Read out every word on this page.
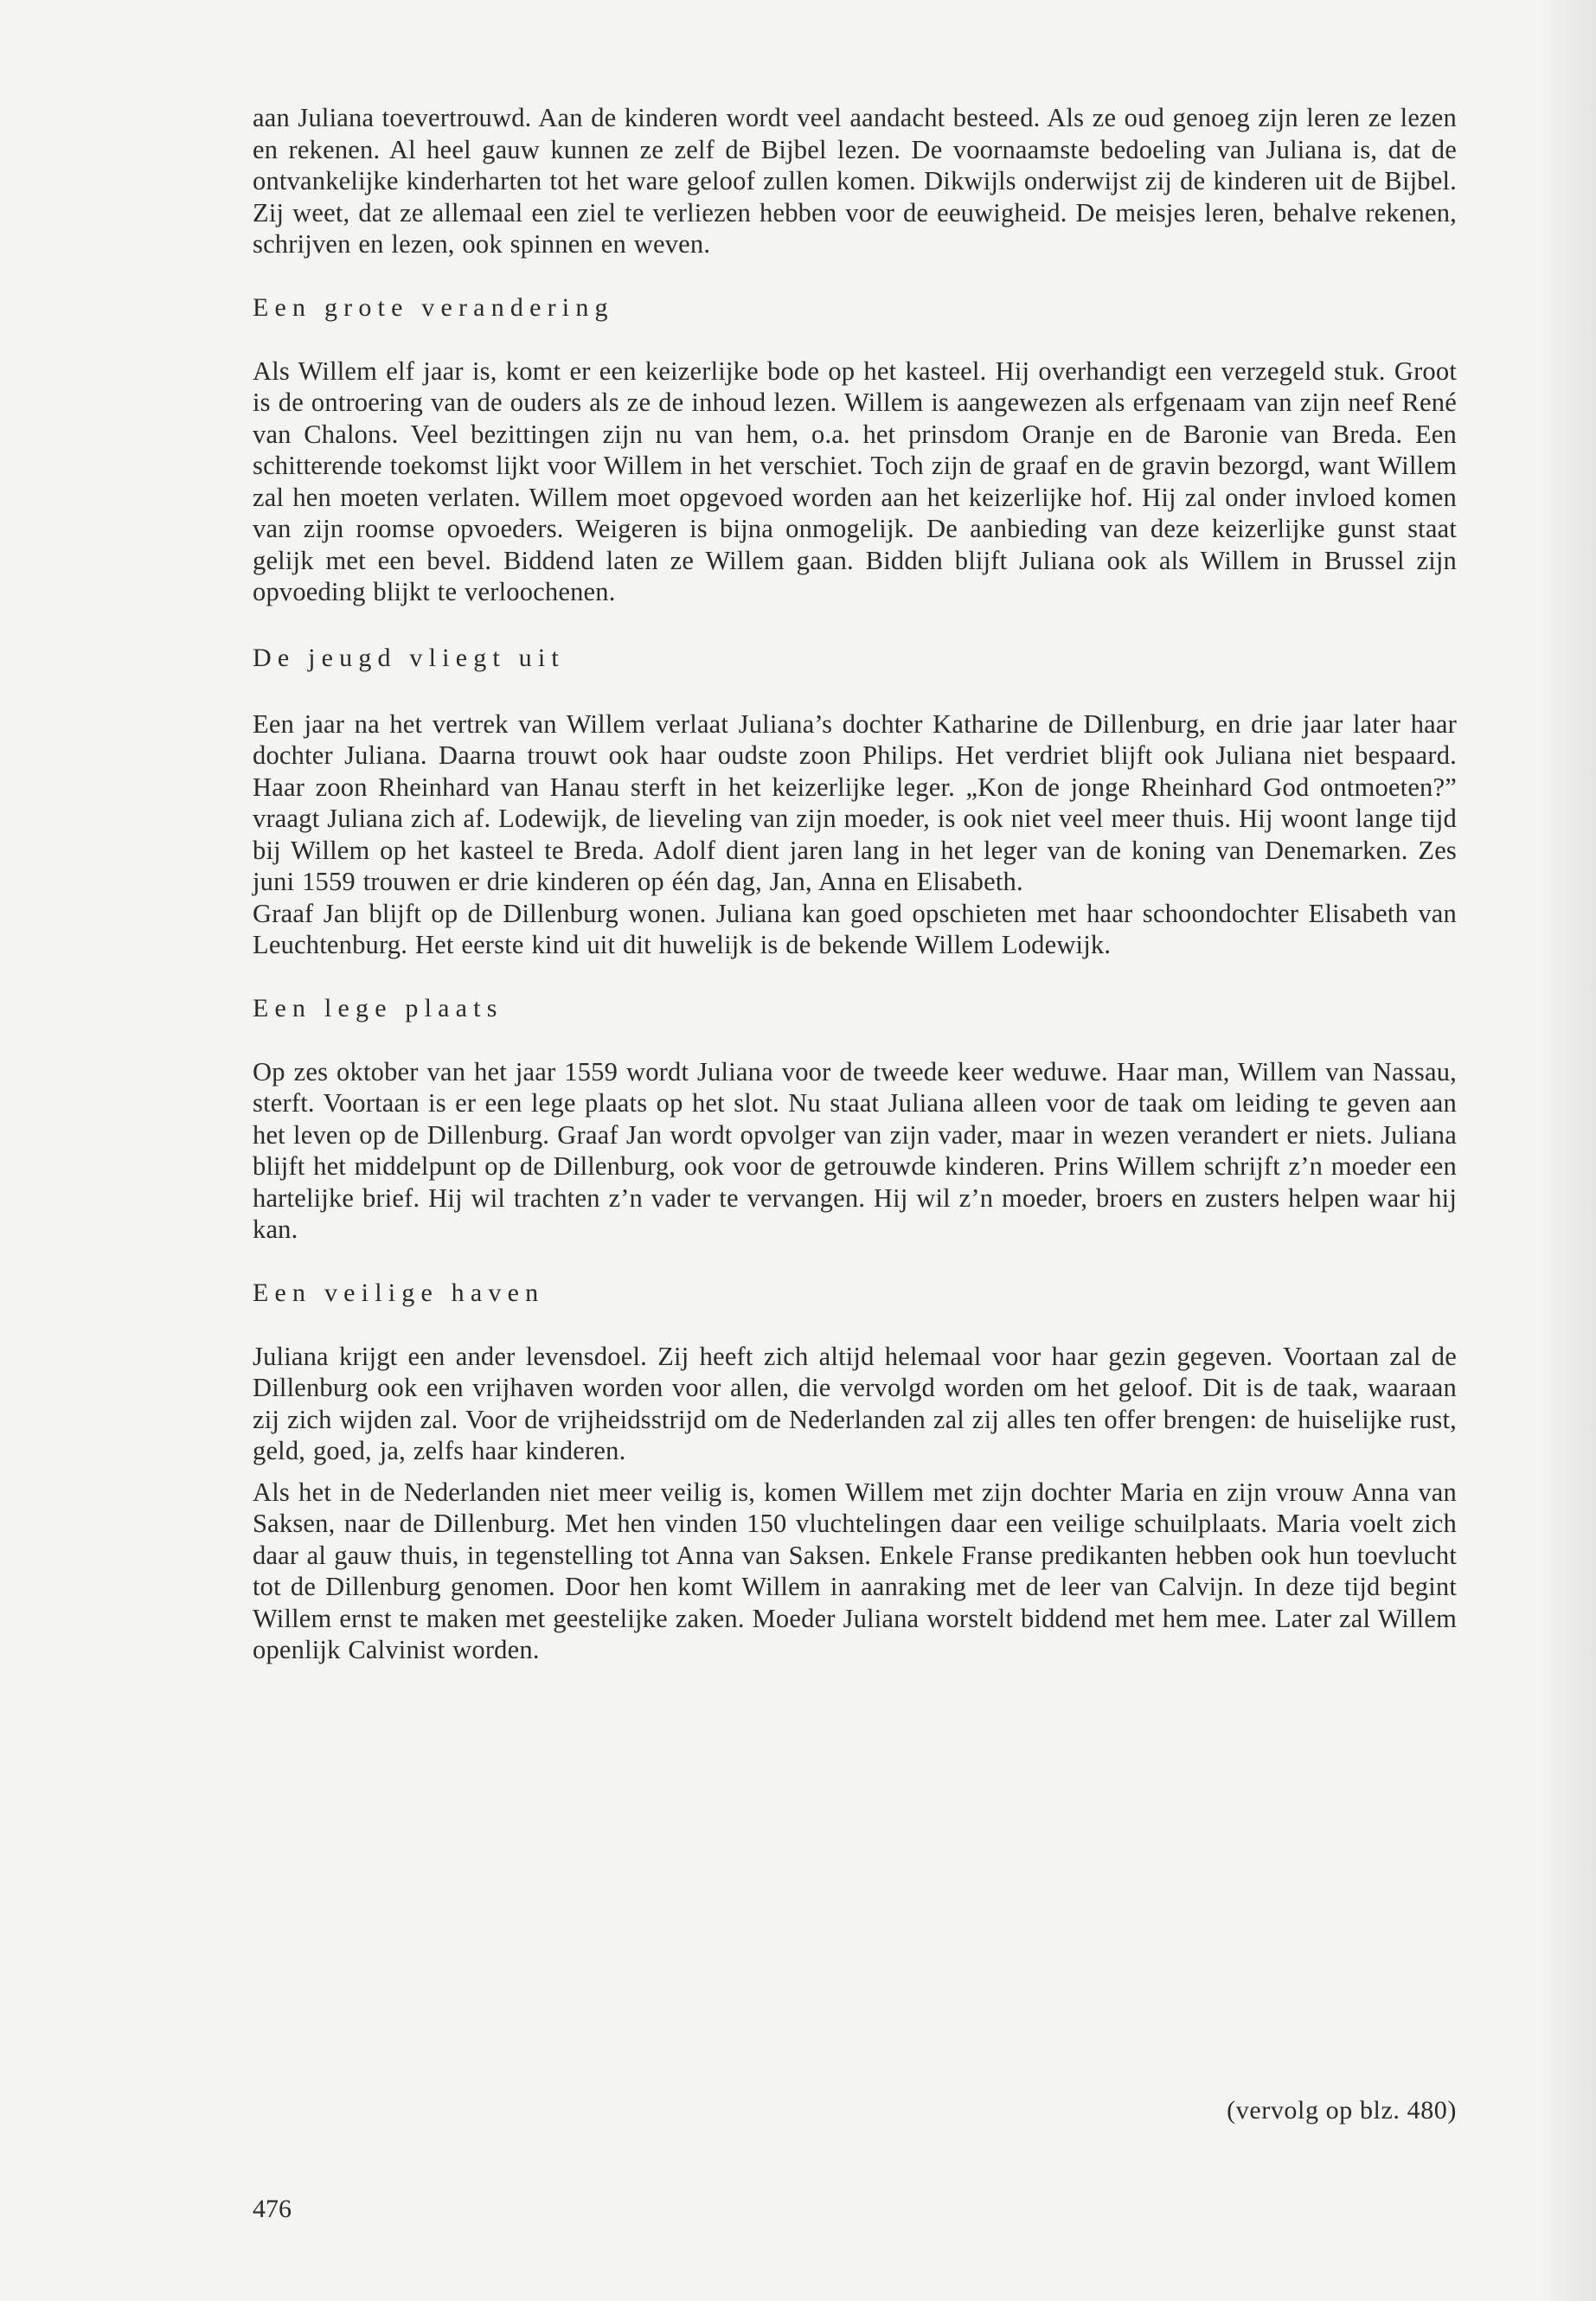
aan Juliana toevertrouwd. Aan de kinderen wordt veel aandacht besteed. Als ze oud genoeg zijn leren ze lezen en rekenen. Al heel gauw kunnen ze zelf de Bijbel lezen. De voornaamste bedoeling van Juliana is, dat de ontvankelijke kinderharten tot het ware geloof zullen komen. Dikwijls onderwijst zij de kinderen uit de Bijbel. Zij weet, dat ze allemaal een ziel te verliezen hebben voor de eeuwigheid. De meisjes leren, behalve rekenen, schrijven en lezen, ook spinnen en weven.

Een grote verandering

Als Willem elf jaar is, komt er een keizerlijke bode op het kasteel. Hij overhandigt een verzegeld stuk. Groot is de ontroering van de ouders als ze de inhoud lezen. Willem is aangewezen als erfgenaam van zijn neef René van Chalons. Veel bezittingen zijn nu van hem, o.a. het prinsdom Oranje en de Baronie van Breda. Een schitterende toekomst lijkt voor Willem in het verschiet. Toch zijn de graaf en de gravin bezorgd, want Willem zal hen moeten verlaten. Willem moet opgevoed worden aan het keizerlijke hof. Hij zal onder invloed komen van zijn roomse opvoeders. Weigeren is bijna onmogelijk. De aanbieding van deze keizerlijke gunst staat gelijk met een bevel. Biddend laten ze Willem gaan. Bidden blijft Juliana ook als Willem in Brussel zijn opvoeding blijkt te verloochenen.

De jeugd vliegt uit

Een jaar na het vertrek van Willem verlaat Juliana’s dochter Katharine de Dillenburg, en drie jaar later haar dochter Juliana. Daarna trouwt ook haar oudste zoon Philips. Het verdriet blijft ook Juliana niet bespaard. Haar zoon Rheinhard van Hanau sterft in het keizerlijke leger. „Kon de jonge Rheinhard God ontmoeten?” vraagt Juliana zich af. Lodewijk, de lieveling van zijn moeder, is ook niet veel meer thuis. Hij woont lange tijd bij Willem op het kasteel te Breda. Adolf dient jaren lang in het leger van de koning van Denemarken. Zes juni 1559 trouwen er drie kinderen op één dag, Jan, Anna en Elisabeth.

Graaf Jan blijft op de Dillenburg wonen. Juliana kan goed opschieten met haar schoondochter Elisabeth van Leuchtenburg. Het eerste kind uit dit huwelijk is de bekende Willem Lodewijk.

Een lege plaats

Op zes oktober van het jaar 1559 wordt Juliana voor de tweede keer weduwe. Haar man, Willem van Nassau, sterft. Voortaan is er een lege plaats op het slot. Nu staat Juliana alleen voor de taak om leiding te geven aan het leven op de Dillenburg. Graaf Jan wordt opvolger van zijn vader, maar in wezen verandert er niets. Juliana blijft het middelpunt op de Dillenburg, ook voor de getrouwde kinderen. Prins Willem schrijft z’n moeder een hartelijke brief. Hij wil trachten z’n vader te vervangen. Hij wil z’n moeder, broers en zusters helpen waar hij kan.

Een veilige haven

Juliana krijgt een ander levensdoel. Zij heeft zich altijd helemaal voor haar gezin gegeven. Voortaan zal de Dillenburg ook een vrijhaven worden voor allen, die vervolgd worden om het geloof. Dit is de taak, waaraan zij zich wijden zal. Voor de vrijheidsstrijd om de Nederlanden zal zij alles ten offer brengen: de huiselijke rust, geld, goed, ja, zelfs haar kinderen.

Als het in de Nederlanden niet meer veilig is, komen Willem met zijn dochter Maria en zijn vrouw Anna van Saksen, naar de Dillenburg. Met hen vinden 150 vluchtelingen daar een veilige schuilplaats. Maria voelt zich daar al gauw thuis, in tegenstelling tot Anna van Saksen. Enkele Franse predikanten hebben ook hun toevlucht tot de Dillenburg genomen. Door hen komt Willem in aanraking met de leer van Calvijn. In deze tijd begint Willem ernst te maken met geestelijke zaken. Moeder Juliana worstelt biddend met hem mee. Later zal Willem openlijk Calvinist worden.

(vervolg op blz. 480)

476
